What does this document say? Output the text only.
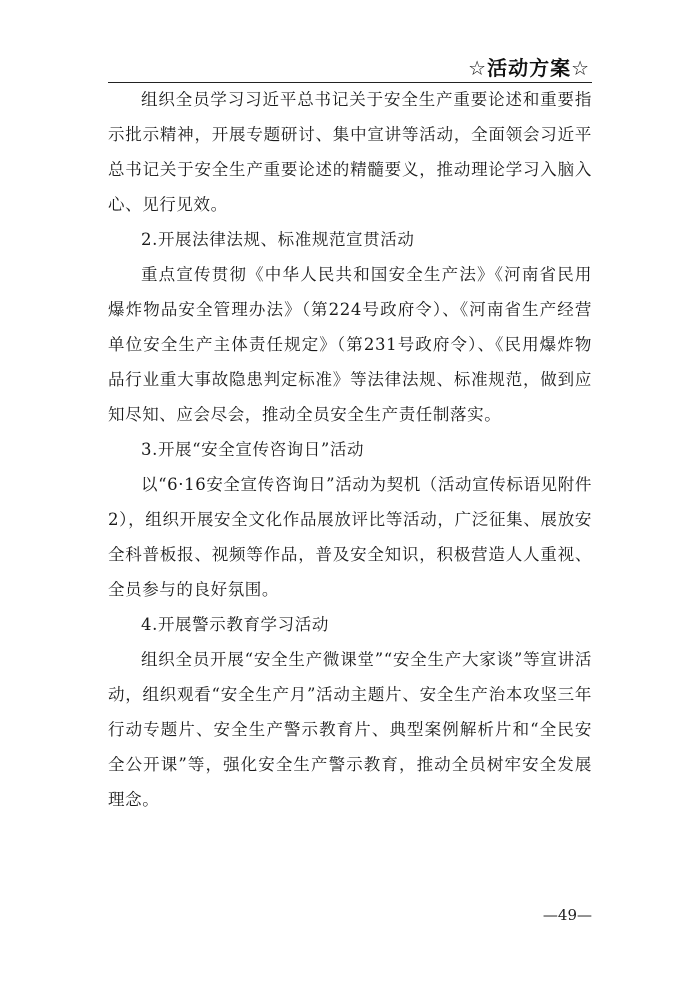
☆活动方案☆

组织全员学习习近平总书记关于安全生产重要论述和重要指示批示精神，开展专题研讨、集中宣讲等活动，全面领会习近平总书记关于安全生产重要论述的精髓要义，推动理论学习入脑入心、见行见效。

2.开展法律法规、标准规范宣贯活动

重点宣传贯彻《中华人民共和国安全生产法》《河南省民用爆炸物品安全管理办法》（第224号政府令）、《河南省生产经营单位安全生产主体责任规定》（第231号政府令）、《民用爆炸物品行业重大事故隐患判定标准》等法律法规、标准规范，做到应知尽知、应会尽会，推动全员安全生产责任制落实。

3.开展“安全宣传咨询日”活动

以“6·16安全宣传咨询日”活动为契机（活动宣传标语见附件2），组织开展安全文化作品展放评比等活动，广泛征集、展放安全科普板报、视频等作品，普及安全知识，积极营造人人重视、全员参与的良好氛围。

4.开展警示教育学习活动

组织全员开展“安全生产微课堂”“安全生产大家谈”等宣讲活动，组织观看“安全生产月”活动主题片、安全生产治本攻坚三年行动专题片、安全生产警示教育片、典型案例解析片和“全民安全公开课”等，强化安全生产警示教育，推动全员树牢安全发展理念。

—49—
